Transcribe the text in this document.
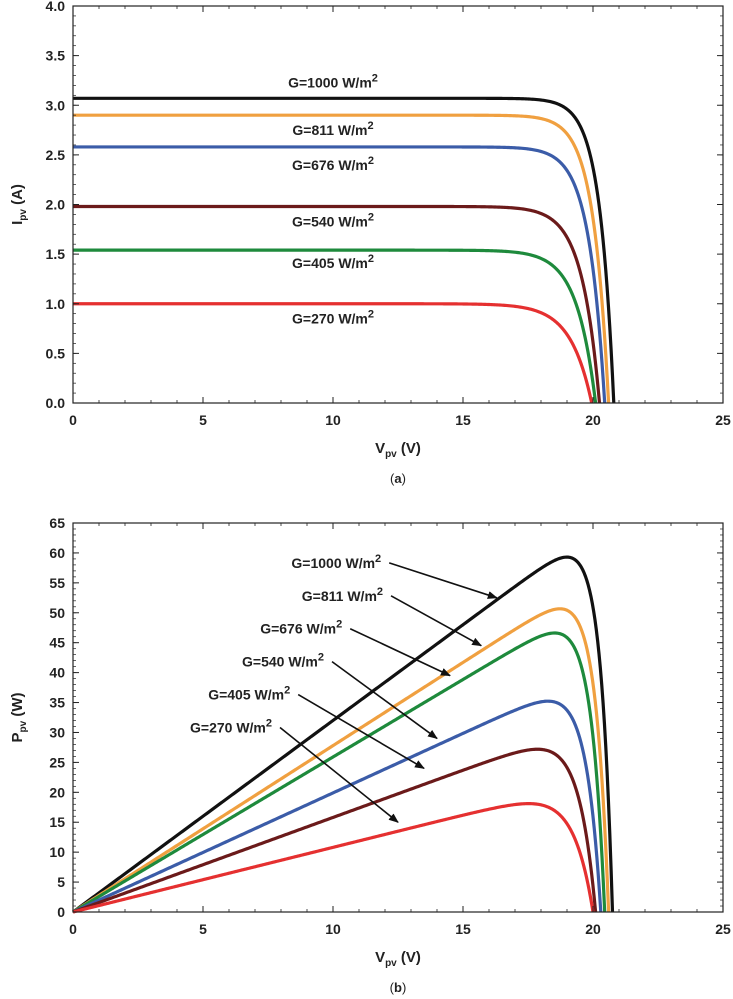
0	5	10	15	20	25
0.0
0.5
1.0
1.5
2.0
2.5
3.0
3.5
4.0
G=1000 $W/m^2$
G=811 $W/m^2$
G=676 $W/m^2$
G=540 $W/m^2$
G=405 $W/m^2$
G=270 $W/m^2$
$V_{pv}$ (V)
$I_{pv}$ (A)
(a)
0	5	10	15	20	25
0
5
10
15
20
25
30
35
40
45
50
55
60
65
G=1000 $W/m^2$
G=811 $W/m^2$
G=676 $W/m^2$
G=540 $W/m^2$
G=405 $W/m^2$
G=270 $W/m^2$
$V_{pv}$ (V)
$P_{pv}$ (W)
(b)
